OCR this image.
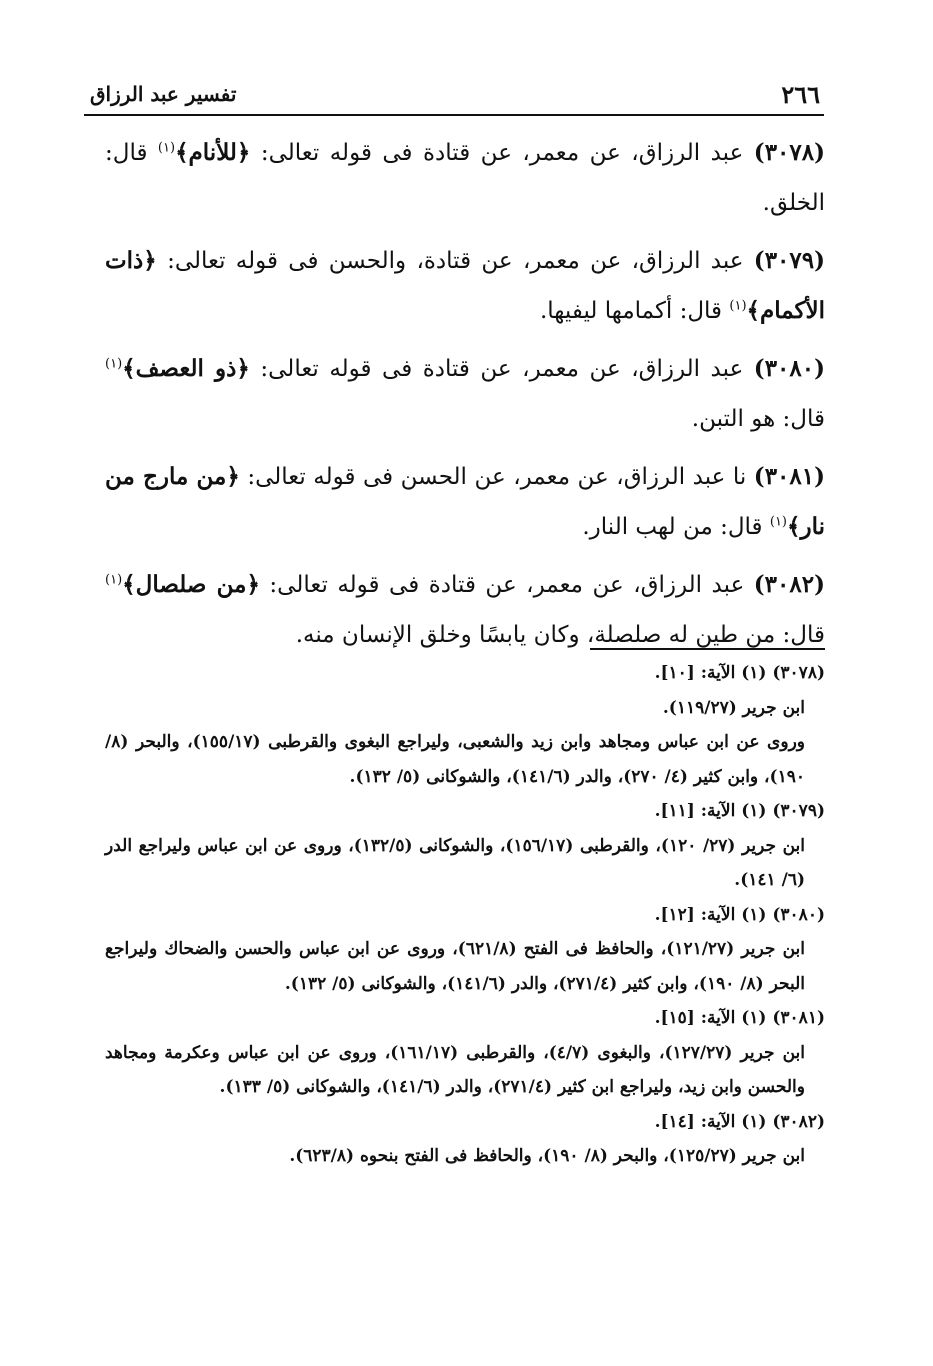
٢٦٦
تفسير عبد الرزاق

(٣٠٧٨) عبد الرزاق، عن معمر، عن قتادة فى قوله تعالى: ﴿للأنام﴾$^{(١)}$ قال: الخلق.

(٣٠٧٩) عبد الرزاق، عن معمر، عن قتادة، والحسن فى قوله تعالى: ﴿ذات الأكمام﴾$^{(١)}$ قال: أكمامها ليفيها.

(٣٠٨٠) عبد الرزاق، عن معمر، عن قتادة فى قوله تعالى: ﴿ذو العصف﴾$^{(١)}$ قال: هو التبن.

(٣٠٨١) نا عبد الرزاق، عن معمر، عن الحسن فى قوله تعالى: ﴿من مارج من نار﴾$^{(١)}$ قال: من لهب النار.

(٣٠٨٢) عبد الرزاق، عن معمر، عن قتادة فى قوله تعالى: ﴿من صلصال﴾$^{(١)}$ قال: من طين له صلصلة، وكان يابسًا وخلق الإنسان منه.

(٣٠٧٨) (١) الآية: [١٠].

ابن جرير (١١٩/٢٧).

وروى عن ابن عباس ومجاهد وابن زيد والشعبى، وليراجع البغوى والقرطبى (١٥٥/١٧)، والبحر (٨/ ١٩٠)، وابن كثير (٤/ ٢٧٠)، والدر (١٤١/٦)، والشوكانى (٥/ ١٣٢).

(٣٠٧٩) (١) الآية: [١١].

ابن جرير (٢٧/ ١٢٠)، والقرطبى (١٥٦/١٧)، والشوكانى (١٣٢/٥)، وروى عن ابن عباس وليراجع الدر (٦/ ١٤١).

(٣٠٨٠) (١) الآية: [١٢].

ابن جرير (١٢١/٢٧)، والحافظ فى الفتح (٦٢١/٨)، وروى عن ابن عباس والحسن والضحاك وليراجع البحر (٨/ ١٩٠)، وابن كثير (٢٧١/٤)، والدر (١٤١/٦)، والشوكانى (٥/ ١٣٢).

(٣٠٨١) (١) الآية: [١٥].

ابن جرير (١٢٧/٢٧)، والبغوى (٤/٧)، والقرطبى (١٦١/١٧)، وروى عن ابن عباس وعكرمة ومجاهد والحسن وابن زيد، وليراجع ابن كثير (٢٧١/٤)، والدر (١٤١/٦)، والشوكانى (٥/ ١٣٣).

(٣٠٨٢) (١) الآية: [١٤].

ابن جرير (١٢٥/٢٧)، والبحر (٨/ ١٩٠)، والحافظ فى الفتح بنحوه (٦٢٣/٨).
